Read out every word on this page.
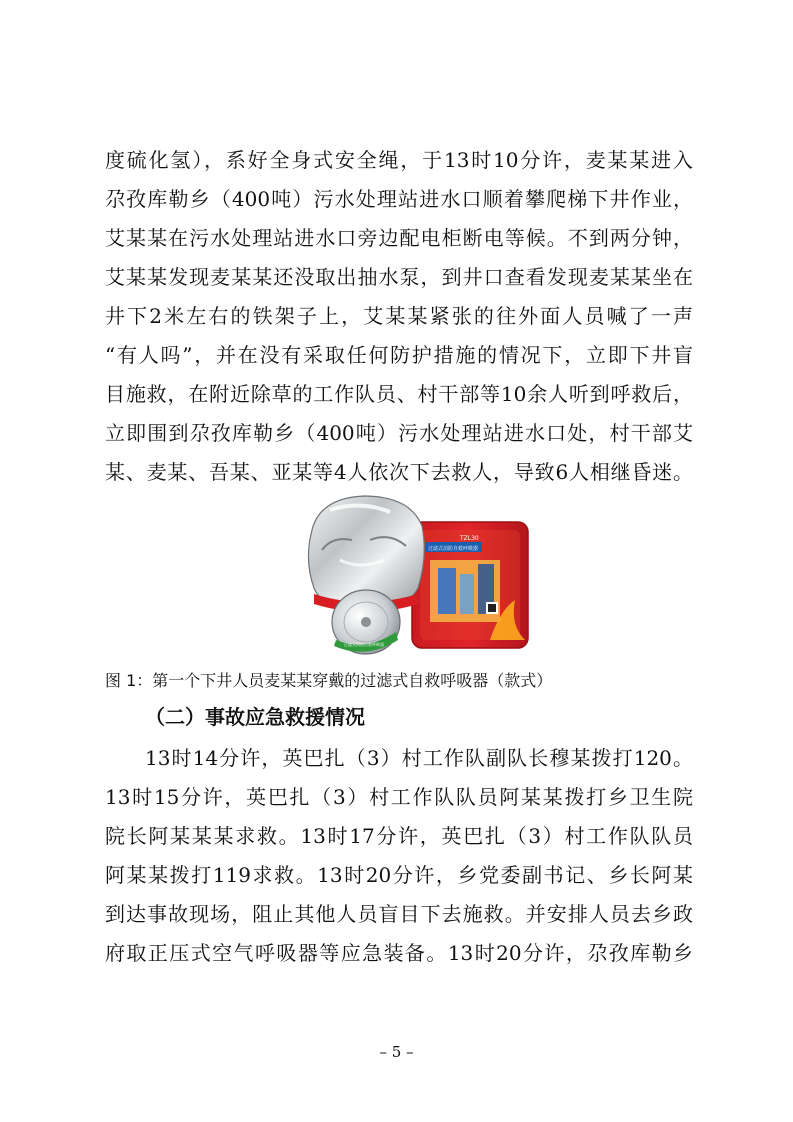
度硫化氢），系好全身式安全绳，于13时10分许，麦某某进入
尕孜库勒乡（400吨）污水处理站进水口顺着攀爬梯下井作业，
艾某某在污水处理站进水口旁边配电柜断电等候。不到两分钟，
艾某某发现麦某某还没取出抽水泵，到井口查看发现麦某某坐在
井下2米左右的铁架子上，艾某某紧张的往外面人员喊了一声
“有人吗”，并在没有采取任何防护措施的情况下，立即下井盲
目施救，在附近除草的工作队员、村干部等10余人听到呼救后，
立即围到尕孜库勒乡（400吨）污水处理站进水口处，村干部艾
某、麦某、吾某、亚某等4人依次下去救人，导致6人相继昏迷。
TZL30
过滤式消防自救呼吸器
过滤式消防自救呼吸器
图 1：第一个下井人员麦某某穿戴的过滤式自救呼吸器（款式）
（二）事故应急救援情况
13时14分许，英巴扎（3）村工作队副队长穆某拨打120。
13时15分许，英巴扎（3）村工作队队员阿某某拨打乡卫生院
院长阿某某某求救。13时17分许，英巴扎（3）村工作队队员
阿某某拨打119求救。13时20分许，乡党委副书记、乡长阿某
到达事故现场，阻止其他人员盲目下去施救。并安排人员去乡政
府取正压式空气呼吸器等应急装备。13时20分许，尕孜库勒乡
– 5 –
